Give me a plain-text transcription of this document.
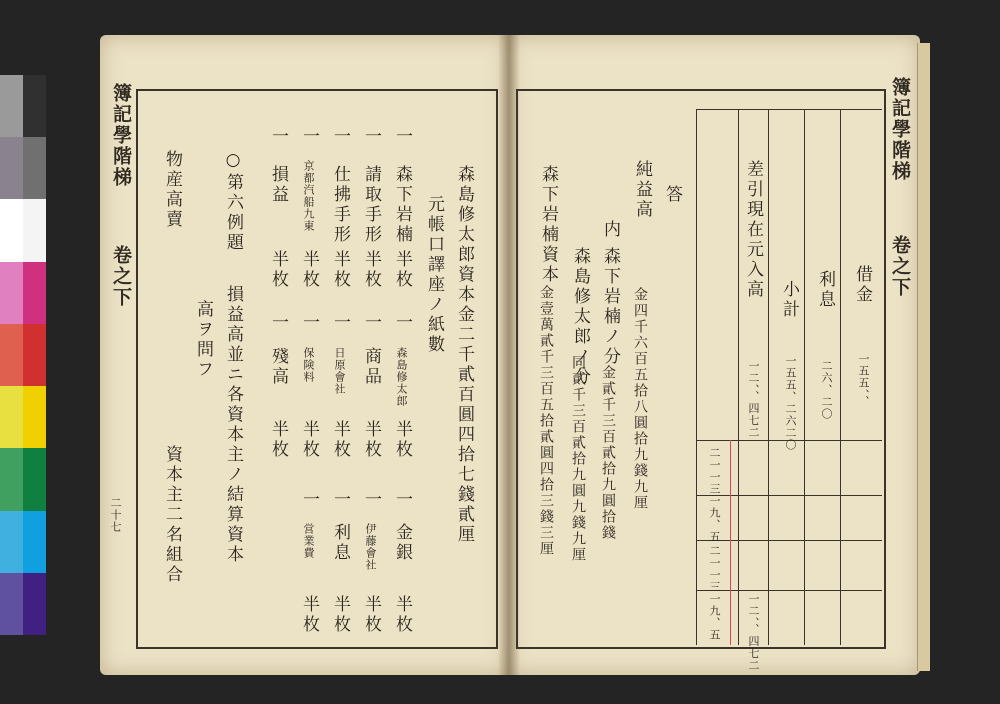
簿記學階梯
卷之下
二十七	森島修太郎資本金二千貳百圓四拾七錢貳厘
元帳口譯座ノ紙數
一
森下岩楠
半枚
一
森島修太郎
半枚
一
金銀
半枚
一
請取手形
半枚
一
商品
半枚
一
伊藤會社
半枚
一
仕拂手形
半枚
一
日原會社
半枚
一
利息
半枚
一
京都汽船九東
半枚
一
保険料
半枚
一
営業費
半枚
一
損益
半枚
一
殘高
半枚
○第六例題
損益高並ニ各資本主ノ結算資本
高ヲ問フ
物産高賣
資本主二名組合
簿記學階梯
卷之下
借金
一五五、、
利息
二六、二〇
小計
一五五、二六二〇
差引現在元入高
一二、、四七二
二一一三一九、五
二一一三一九、五 一二、、四七二
答
純益高
金四千六百五拾八圓拾九錢九厘
内
森下岩楠ノ分
金貳千三百貳拾九圓拾錢
森島修太郎ノ分
同貳千三百貳拾九圓九錢九厘
森下岩楠資本
金壹萬貳千三百五拾貳圓四拾三錢三厘
